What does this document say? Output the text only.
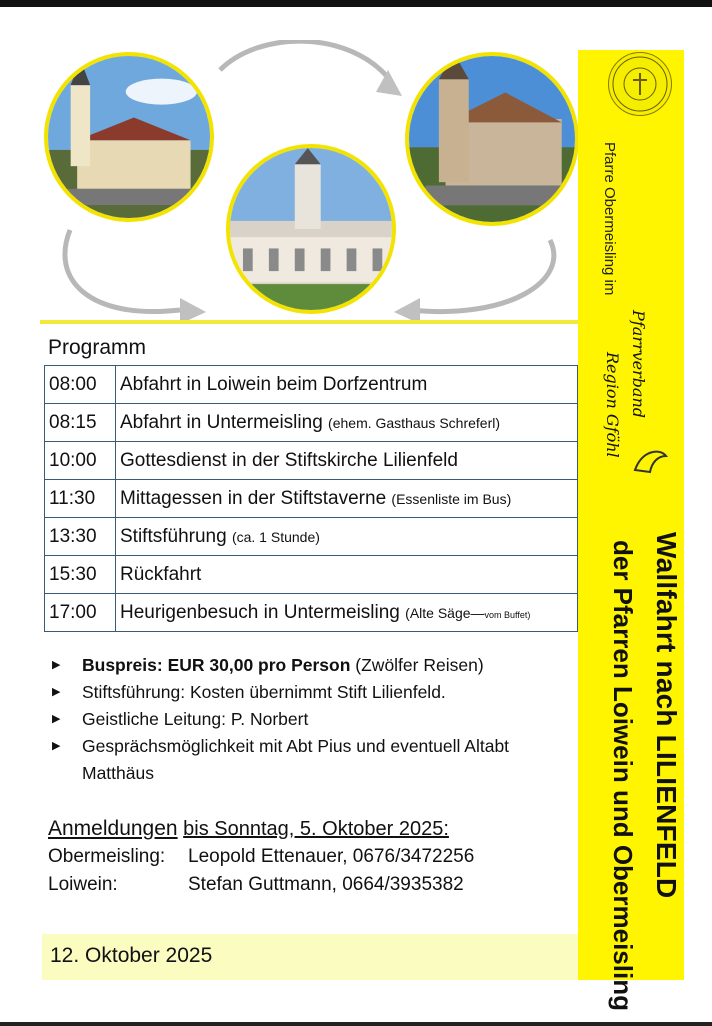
Pfarre Obermeisling im
Pfarrverband
Region Gföhl
Wallfahrt nach LILIENFELD
der Pfarren Loiwein und Obermeisling
Programm
08:00	Abfahrt in Loiwein beim Dorfzentrum
08:15	Abfahrt in Untermeisling (ehem. Gasthaus Schreferl)
10:00	Gottesdienst in der Stiftskirche Lilienfeld
11:30	Mittagessen in der Stiftstaverne (Essenliste im Bus)
13:30	Stiftsführung (ca. 1 Stunde)
15:30	Rückfahrt
17:00	Heurigenbesuch in Untermeisling (Alte Säge—vom Buffet)
▶ Buspreis: EUR 30,00 pro Person (Zwölfer Reisen)
▶ Stiftsführung: Kosten übernimmt Stift Lilienfeld.
▶ Geistliche Leitung: P. Norbert
▶ Gesprächsmöglichkeit mit Abt Pius und eventuell Altabt Matthäus
Anmeldungen bis Sonntag, 5. Oktober 2025:
Obermeisling: Leopold Ettenauer, 0676/3472256
Loiwein:	Stefan Guttmann, 0664/3935382
12. Oktober 2025
